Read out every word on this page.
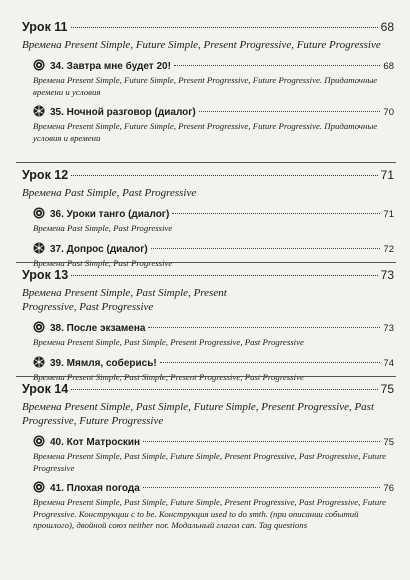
Урок 11	68
Времена Present Simple, Future Simple, Present Progressive, Future Progressive
34. Завтра мне будет 20!	68
Времена Present Simple, Future Simple, Present Progressive, Future Progressive. Придаточные времени и условия
35. Ночной разговор (диалог)	70
Времена Present Simple, Future Simple, Present Progressive, Future Progressive. Придаточные условия и времени
Урок 12	71
Времена Past Simple, Past Progressive
36. Уроки танго (диалог)	71
Времена Past Simple, Past Progressive
37. Допрос (диалог)	72
Времена Past Simple, Past Progressive
Урок 13	73
Времена Present Simple, Past Simple, Present Progressive, Past Progressive
38. После экзамена	73
Времена Present Simple, Past Simple, Present Progressive, Past Progressive
39. Мямля, соберись!	74
Времена Present Simple, Past Simple, Present Progressive, Past Progressive
Урок 14	75
Времена Present Simple, Past Simple, Future Simple, Present Progressive, Past Progressive, Future Progressive
40. Кот Матроскин	75
Времена Present Simple, Past Simple, Future Simple, Present Progressive, Past Progressive, Future Progressive
41. Плохая погода	76
Времена Present Simple, Past Simple, Future Simple, Present Progressive, Past Progressive, Future Progressive. Конструкции с to be. Конструкция used to do smth. (при описании событий прошлого), двойной союз neither nor. Модальный глагол can. Tag questions
